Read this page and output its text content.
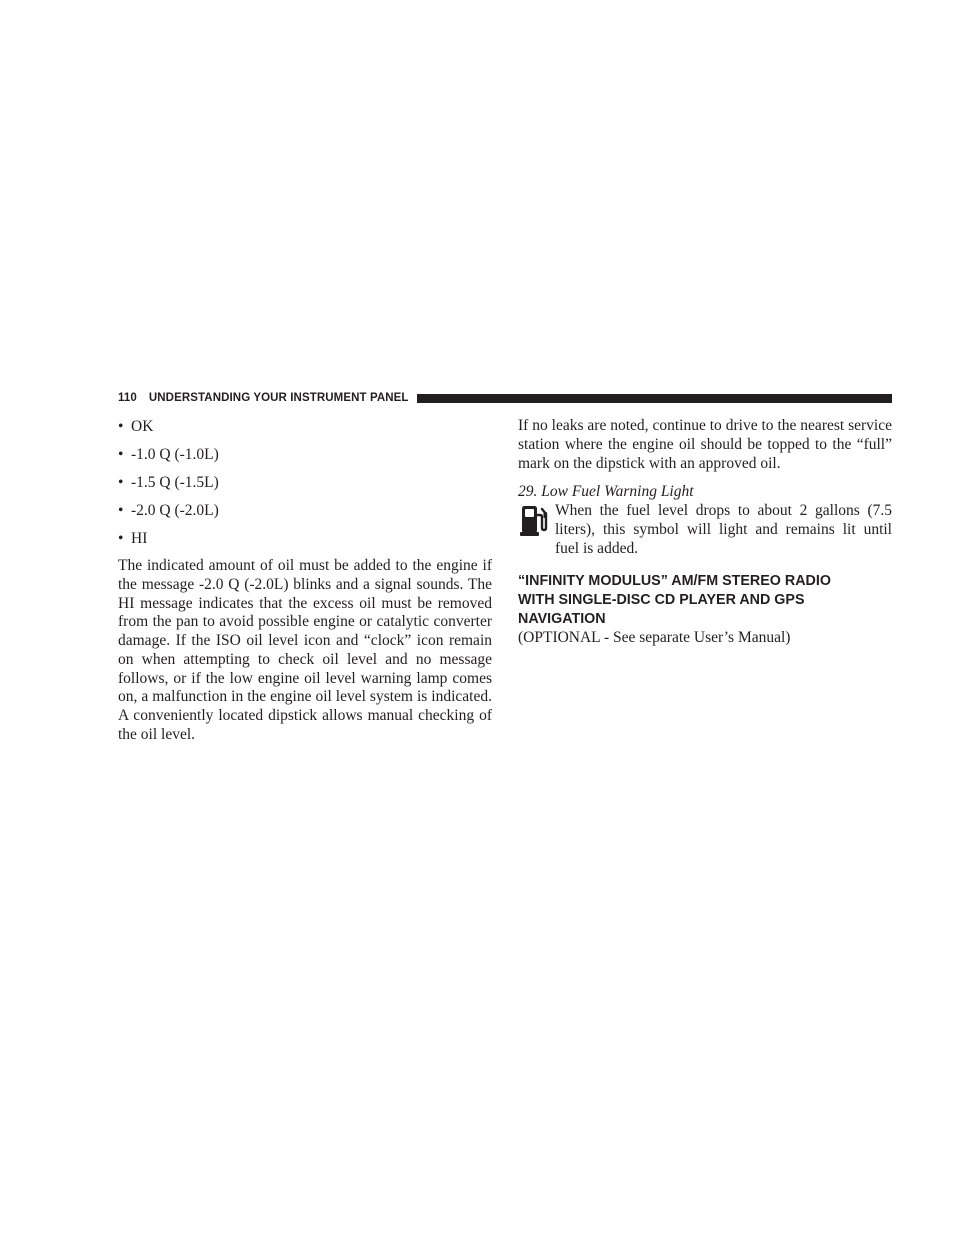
110 UNDERSTANDING YOUR INSTRUMENT PANEL
• OK
• -1.0 Q (-1.0L)
• -1.5 Q (-1.5L)
• -2.0 Q (-2.0L)
• HI

The indicated amount of oil must be added to the engine if the message -2.0 Q (-2.0L) blinks and a signal sounds. The HI message indicates that the excess oil must be removed from the pan to avoid possible engine or catalytic converter damage. If the ISO oil level icon and “clock” icon remain on when attempting to check oil level and no message follows, or if the low engine oil level warning lamp comes on, a malfunction in the engine oil level system is indicated. A conveniently located dipstick allows manual checking of the oil level.

If no leaks are noted, continue to drive to the nearest service station where the engine oil should be topped to the “full” mark on the dipstick with an approved oil.

29. Low Fuel Warning Light
When the fuel level drops to about 2 gallons (7.5
liters), this symbol will light and remains lit until
fuel is added.
“INFINITY MODULUS” AM/FM STEREO RADIO
WITH SINGLE-DISC CD PLAYER AND GPS
NAVIGATION
(OPTIONAL - See separate User’s Manual)
